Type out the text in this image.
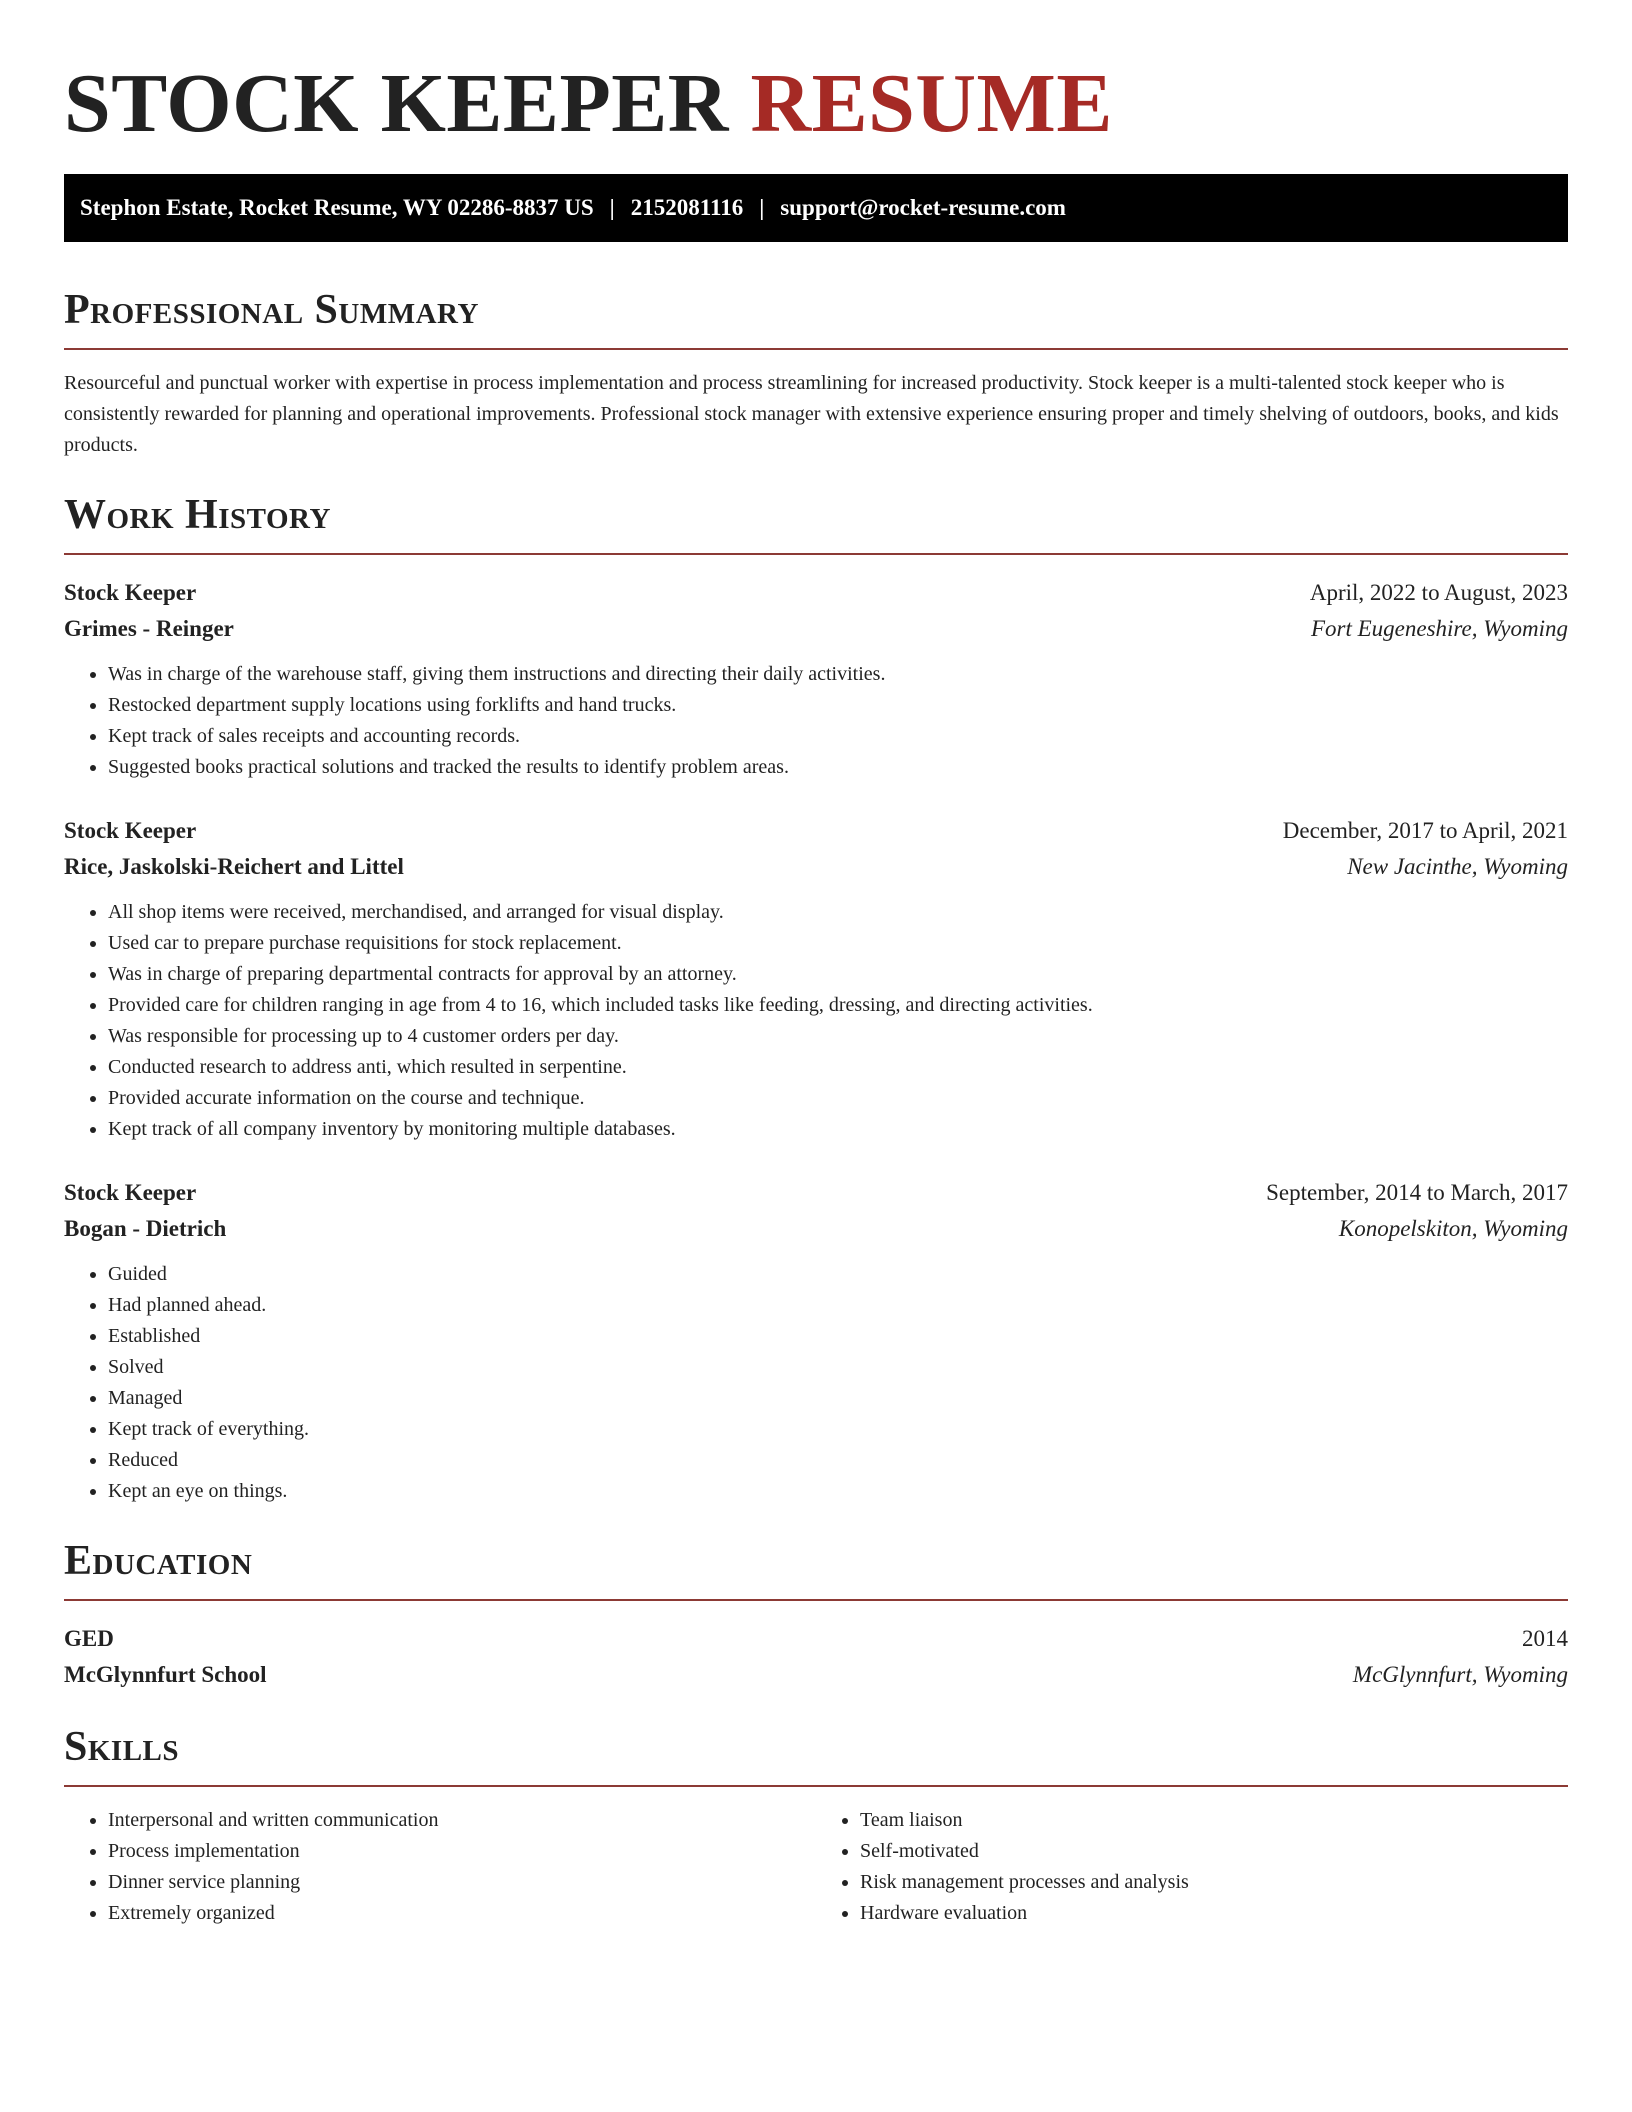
STOCK KEEPER RESUME
Stephon Estate, Rocket Resume, WY 02286-8837 US | 2152081116 | support@rocket-resume.com
Professional Summary

Resourceful and punctual worker with expertise in process implementation and process streamlining for increased productivity. Stock keeper is a multi-talented stock keeper who is consistently rewarded for planning and operational improvements. Professional stock manager with extensive experience ensuring proper and timely shelving of outdoors, books, and kids products.

Work History
Stock Keeper	April, 2022 to August, 2023
Grimes - Reinger	Fort Eugeneshire, Wyoming
• Was in charge of the warehouse staff, giving them instructions and directing their daily activities.
• Restocked department supply locations using forklifts and hand trucks.
• Kept track of sales receipts and accounting records.
• Suggested books practical solutions and tracked the results to identify problem areas.
Stock Keeper	December, 2017 to April, 2021
Rice, Jaskolski-Reichert and Littel	New Jacinthe, Wyoming
• All shop items were received, merchandised, and arranged for visual display.
• Used car to prepare purchase requisitions for stock replacement.
• Was in charge of preparing departmental contracts for approval by an attorney.
• Provided care for children ranging in age from 4 to 16, which included tasks like feeding, dressing, and directing activities.
• Was responsible for processing up to 4 customer orders per day.
• Conducted research to address anti, which resulted in serpentine.
• Provided accurate information on the course and technique.
• Kept track of all company inventory by monitoring multiple databases.
Stock Keeper	September, 2014 to March, 2017
Bogan - Dietrich	Konopelskiton, Wyoming
• Guided
• Had planned ahead.
• Established
• Solved
• Managed
• Kept track of everything.
• Reduced
• Kept an eye on things.
Education
GED	2014
McGlynnfurt School	McGlynnfurt, Wyoming
Skills
• Interpersonal and written communication
• Process implementation
• Dinner service planning
• Extremely organized
• Team liaison
• Self-motivated
• Risk management processes and analysis
• Hardware evaluation
